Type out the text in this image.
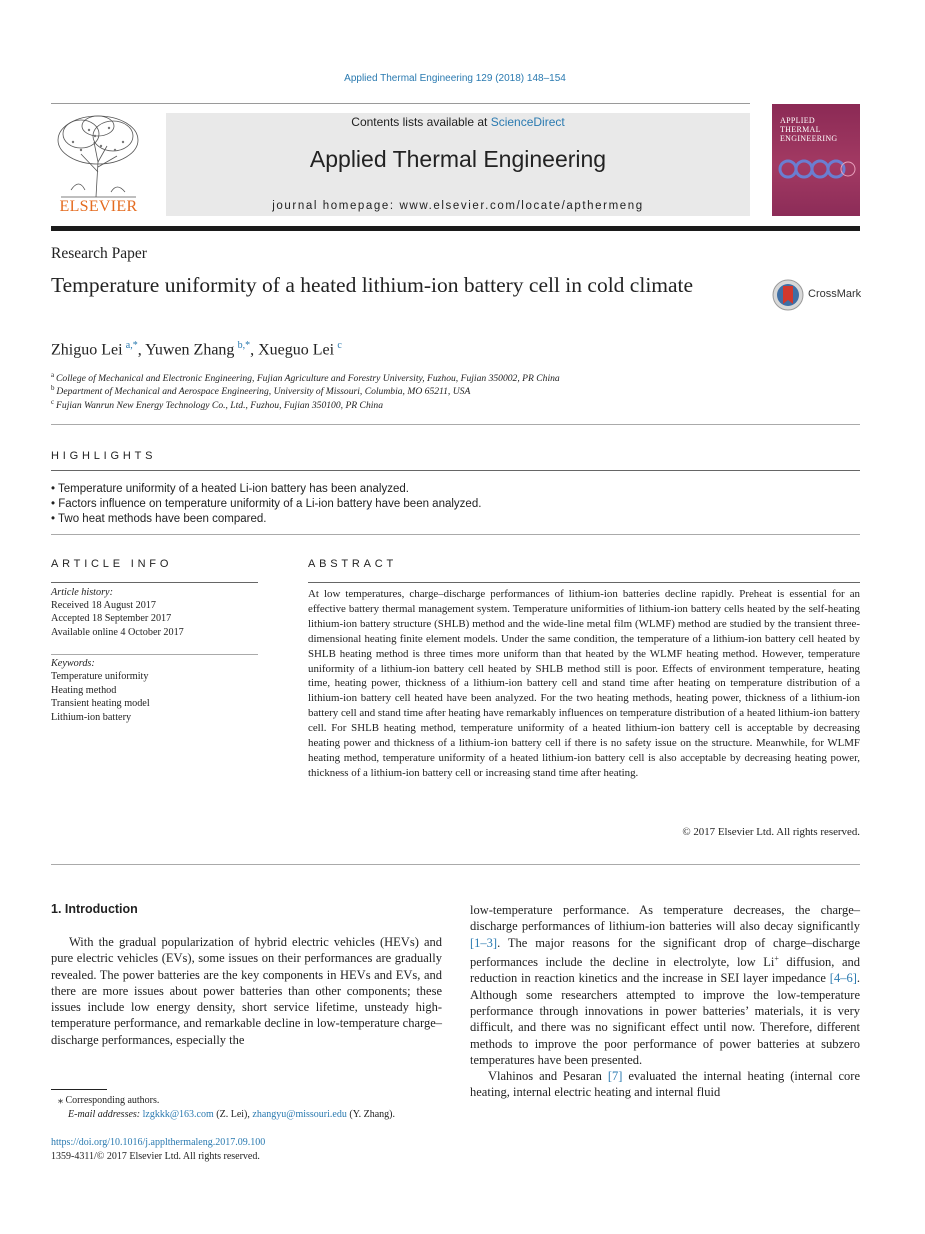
Applied Thermal Engineering 129 (2018) 148–154
ELSEVIER
Contents lists available at ScienceDirect
Applied Thermal Engineering
journal homepage: www.elsevier.com/locate/apthermeng
APPLIED
THERMAL
ENGINEERING
Research Paper
Temperature uniformity of a heated lithium-ion battery cell in cold climate	CrossMark
Zhiguo Lei  $^{a,*}$, Yuwen Zhang  $^{b,*}$, Xueguo Lei  $^c$
$^a$  College of Mechanical and Electronic Engineering, Fujian Agriculture and Forestry University, Fuzhou, Fujian 350002, PR China
$^b$  Department of Mechanical and Aerospace Engineering, University of Missouri, Columbia, MO 65211, USA
$^c$  Fujian Wanrun New Energy Technology Co., Ltd., Fuzhou, Fujian 350100, PR China
HIGHLIGHTS
• Temperature uniformity of a heated Li-ion battery has been analyzed.
• Factors influence on temperature uniformity of a Li-ion battery have been analyzed.
• Two heat methods have been compared.
ARTICLE INFO	ABSTRACT
Article history:
Received 18 August 2017
Accepted 18 September 2017
Available online 4 October 2017
Keywords:
Temperature uniformity
Heating method
Transient heating model
Lithium-ion battery
At low temperatures, charge–discharge performances of lithium-ion batteries decline rapidly. Preheat is essential for an effective battery thermal management system. Temperature uniformities of lithium-ion battery cells heated by the self-heating lithium-ion battery structure (SHLB) method and the wide-line metal film (WLMF) method are studied by the transient three-dimensional heating finite element models. Under the same condition, the temperature of a lithium-ion battery cell heated by SHLB heating method is three times more uniform than that heated by the WLMF heating method. However, temperature uniformity of a lithium-ion battery cell heated by SHLB method still is poor. Effects of environment temperature, heating time, heating power, thickness of a lithium-ion battery cell and stand time after heating on temperature distribution of a lithium-ion battery cell heated have been analyzed. For the two heating methods, heating power, thickness of a lithium-ion battery cell and stand time after heating have remarkably influences on temperature distribution of a heated lithium-ion battery cell. For SHLB heating method, temperature uniformity of a heated lithium-ion battery cell is acceptable by decreasing heating power and thickness of a lithium-ion battery cell if there is no safety issue on the structure. Meanwhile, for WLMF heating method, temperature uniformity of a heated lithium-ion battery cell is also acceptable by decreasing heating power, thickness of a lithium-ion battery cell or increasing stand time after heating.
© 2017 Elsevier Ltd. All rights reserved.
1. Introduction
With the gradual popularization of hybrid electric vehicles (HEVs) and pure electric vehicles (EVs), some issues on their performances are gradually revealed. The power batteries are the key components in HEVs and EVs, and there are more issues about power batteries than other components; these issues include low energy density, short service lifetime, unsteady high-temperature performance, and remarkable decline in low-temperature charge–discharge performances, especially the

low-temperature performance. As temperature decreases, the charge–discharge performances of lithium-ion batteries will also decay significantly [1–3]. The major reasons for the significant drop of charge–discharge performances include the decline in electrolyte, low Li+ diffusion, and reduction in reaction kinetics and the increase in SEI layer impedance [4–6]. Although some researchers attempted to improve the low-temperature performance through innovations in power batteries’ materials, it is very difficult, and there was no significant effect until now. Therefore, different methods to improve the poor performance of power batteries at subzero temperatures have been presented.

Vlahinos and Pesaran [7] evaluated the internal heating (internal core heating, internal electric heating and internal fluid

⁎ Corresponding authors.
E-mail addresses: lzgkkk@163.com (Z. Lei), zhangyu@missouri.edu (Y. Zhang).
https://doi.org/10.1016/j.applthermaleng.2017.09.100
1359-4311/© 2017 Elsevier Ltd. All rights reserved.
